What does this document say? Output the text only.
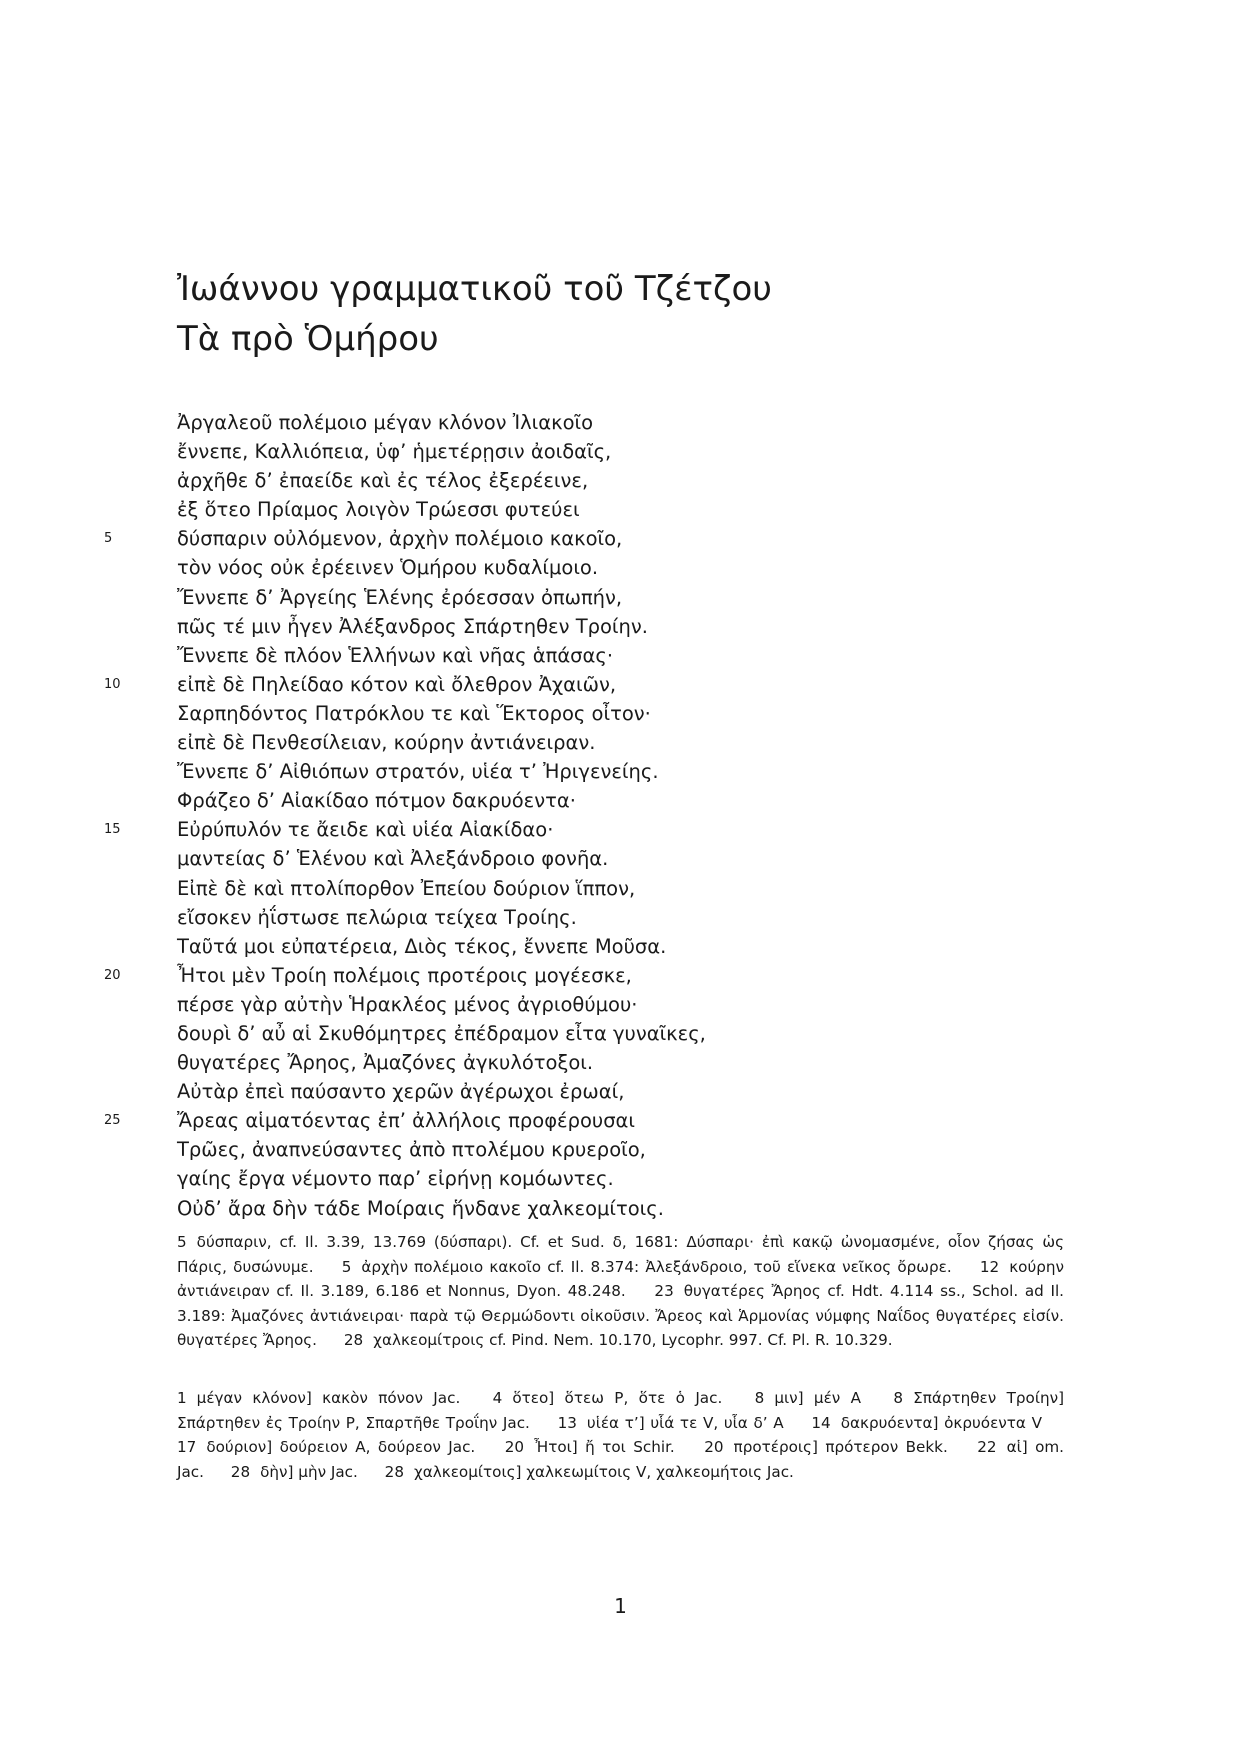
Ἰωάννου γραμματικοῦ τοῦ Τζέτζου
Τὰ πρὸ Ὁμήρου
Ἀργαλεοῦ πολέμοιο μέγαν κλόνον Ἰλιακοῖο
ἔννεπε, Καλλιόπεια, ὑφ’ ἡμετέρῃσιν ἀοιδαῖς,
ἀρχῆθε δ’ ἐπαείδε καὶ ἐς τέλος ἐξερέεινε,
ἐξ ὅτεο Πρίαμος λοιγὸν Τρώεσσι φυτεύει
5	δύσπαριν οὐλόμενον, ἀρχὴν πολέμοιο κακοῖο,
τὸν νόος οὐκ ἐρέεινεν Ὁμήρου κυδαλίμοιο.
Ἔννεπε δ’ Ἀργείης Ἑλένης ἐρόεσσαν ὀπωπήν,
πῶς τέ μιν ἦγεν Ἀλέξανδρος Σπάρτηθεν Τροίην.
Ἔννεπε δὲ πλόον Ἑλλήνων καὶ νῆας ἁπάσας·
10	εἰπὲ δὲ Πηλείδαο κότον καὶ ὄλεθρον Ἀχαιῶν,
Σαρπηδόντος Πατρόκλου τε καὶ Ἕκτορος οἶτον·
εἰπὲ δὲ Πενθεσίλειαν, κούρην ἀντιάνειραν.
Ἔννεπε δ’ Αἰθιόπων στρατόν, υἱέα τ’ Ἠριγενείης.
Φράζεο δ’ Αἰακίδαο πότμον δακρυόεντα·
15	Εὐρύπυλόν τε ἄειδε καὶ υἱέα Αἰακίδαο·
μαντείας δ’ Ἑλένου καὶ Ἀλεξάνδροιο φονῆα.
Εἰπὲ δὲ καὶ πτολίπορθον Ἐπείου δούριον ἵππον,
εἴσοκεν ἠΐστωσε πελώρια τείχεα Τροίης.
Ταῦτά μοι εὐπατέρεια, Διὸς τέκος, ἔννεπε Μοῦσα.
20	Ἦτοι μὲν Τροίη πολέμοις προτέροις μογέεσκε,
πέρσε γὰρ αὐτὴν Ἡρακλέος μένος ἀγριοθύμου·
δουρὶ δ’ αὖ αἱ Σκυθόμητρες ἐπέδραμον εἶτα γυναῖκες,
θυγατέρες Ἄρηος, Ἀμαζόνες ἀγκυλότοξοι.
Αὐτὰρ ἐπεὶ παύσαντο χερῶν ἀγέρωχοι ἐρωαί,
25	Ἄρεας αἱματόεντας ἐπ’ ἀλλήλοις προφέρουσαι
Τρῶες, ἀναπνεύσαντες ἀπὸ πτολέμου κρυεροῖο,
γαίης ἔργα νέμοντο παρ’ εἰρήνῃ κομόωντες.
Οὐδ’ ἄρα δὴν τάδε Μοίραις ἥνδανε χαλκεομίτοις.
5 δύσπαριν, cf. Il. 3.39, 13.769 (δύσπαρι). Cf. et Sud. δ, 1681: Δύσπαρι· ἐπὶ κακῷ ὠνομασμένε, οἷον ζήσας ὡς Πάρις, δυσώνυμε. 5 ἀρχὴν πολέμοιο κακοῖο cf. Il. 8.374: Ἀλεξάνδροιο, τοῦ εἵνεκα νεῖκος ὄρωρε. 12 κούρην ἀντιάνειραν cf. Il. 3.189, 6.186 et Nonnus, Dyon. 48.248. 23 θυγατέρες Ἄρηος cf. Hdt. 4.114 ss., Schol. ad Il. 3.189: Ἀμαζόνες ἀντιάνειραι· παρὰ τῷ Θερμώδοντι οἰκοῦσιν. Ἄρεος καὶ Ἁρμονίας νύμφης Ναΐδος θυγατέρες εἰσίν. θυγατέρες Ἄρηος. 28 χαλκεομίτροις cf. Pind. Nem. 10.170, Lycophr. 997. Cf. Pl. R. 10.329.
1 μέγαν κλόνον] κακὸν πόνον Jac. 4 ὅτεο] ὅτεω P, ὅτε ὁ Jac. 8 μιν] μέν A 8 Σπάρτηθεν Τροίην] Σπάρτηθεν ἐς Τροίην P, Σπαρτῆθε Τροΐην Jac. 13 υἱέα τ’] υἷά τε V, υἷα δ’ A 14 δακρυόεντα] ὀκρυόεντα V 17 δούριον] δούρειον A, δούρεον Jac. 20 Ἦτοι] ἤ τοι Schir. 20 προτέροις] πρότερον Bekk. 22 αἱ] om. Jac. 28 δὴν] μὴν Jac. 28 χαλκεομίτοις] χαλκεωμίτοις V, χαλκεομήτοις Jac.
1
